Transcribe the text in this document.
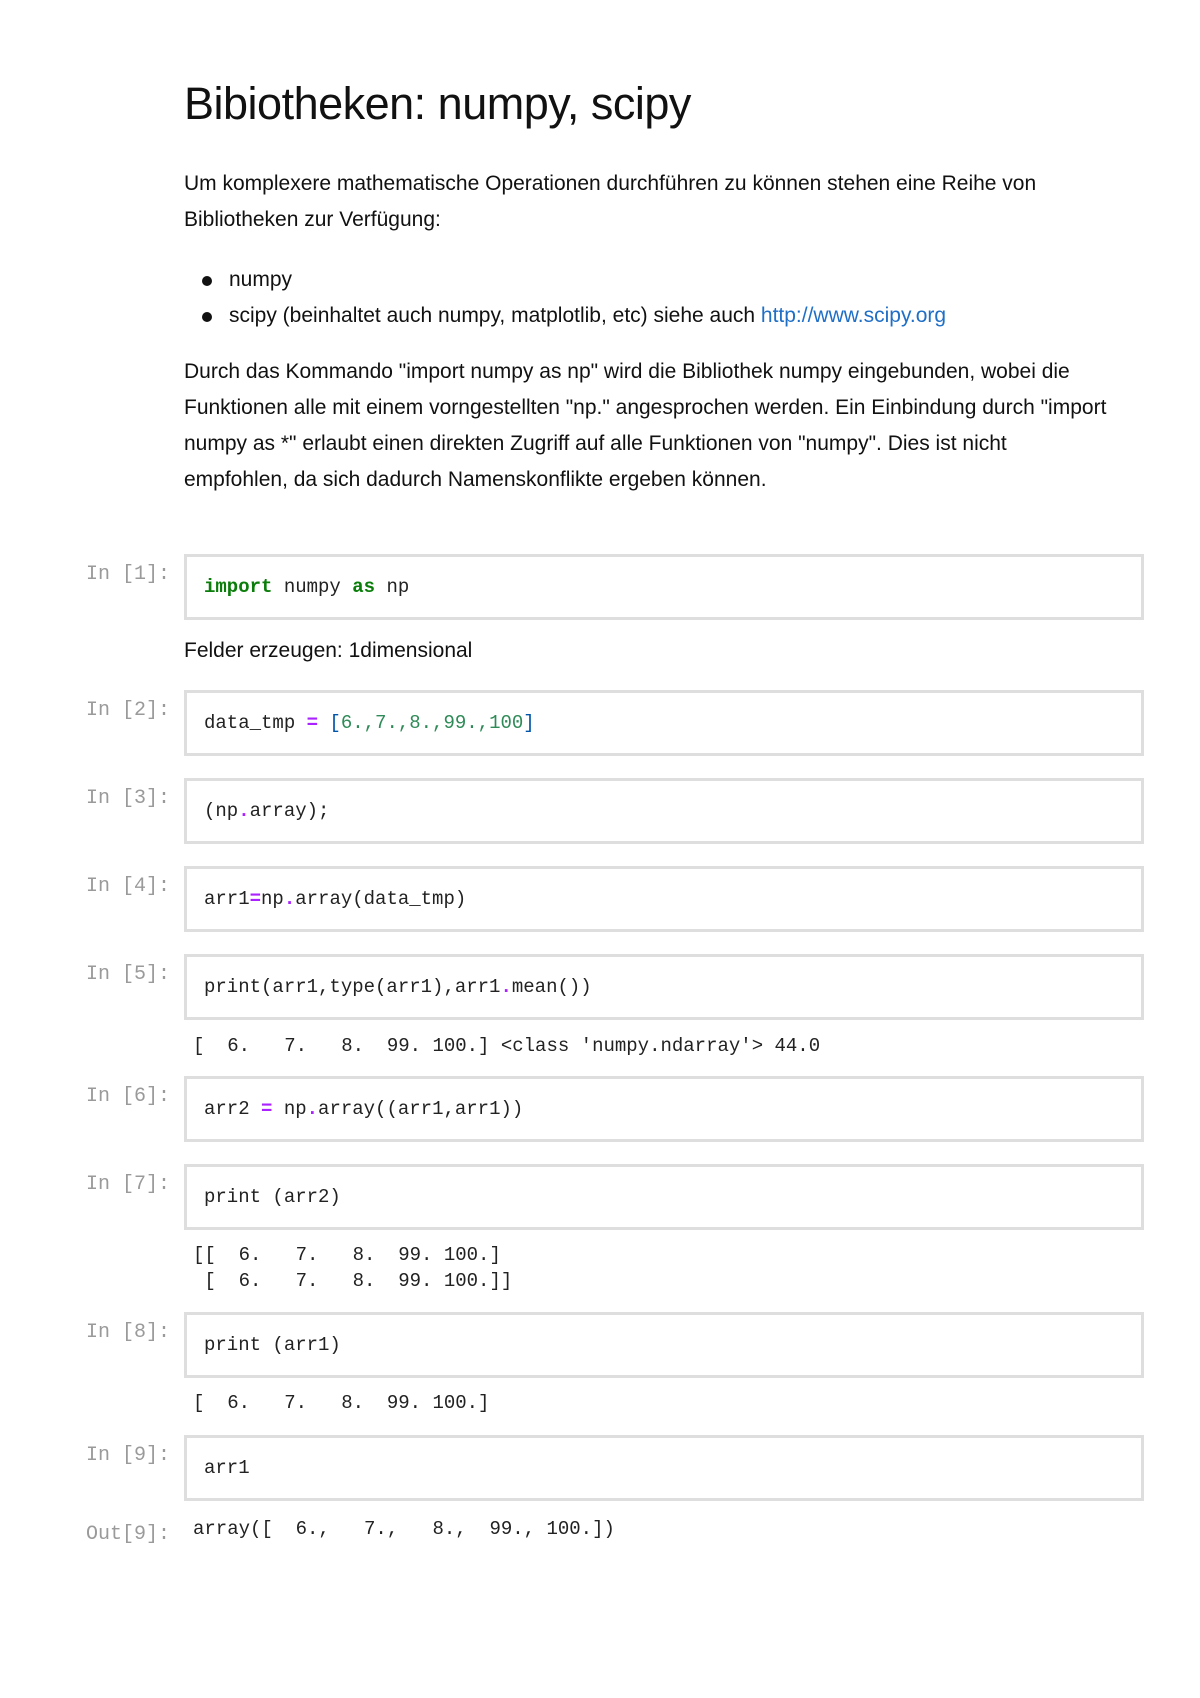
Bibiotheken: numpy, scipy

Um komplexere mathematische Operationen durchführen zu können stehen eine Reihe von Bibliotheken zur Verfügung:

numpy
scipy (beinhaltet auch numpy, matplotlib, etc) siehe auch http://www.scipy.org

Durch das Kommando "import numpy as np" wird die Bibliothek numpy eingebunden, wobei die Funktionen alle mit einem vorngestellten "np." angesprochen werden. Ein Einbindung durch "import numpy as *" erlaubt einen direkten Zugriff auf alle Funktionen von "numpy". Dies ist nicht empfohlen, da sich dadurch Namenskonflikte ergeben können.

In [1]:
import numpy as np

Felder erzeugen: 1dimensional

In [2]:
data_tmp = [ 6.,7.,8.,99.,100 ]
In [3]:
(np . array);
In [4]:
arr1 = np . array(data_tmp)
In [5]:
print(arr1,type(arr1),arr1 . mean())
[  6.   7.   8.  99. 100.] <class 'numpy.ndarray'> 44.0
In [6]:
arr2 = np . array((arr1,arr1))
In [7]:
print (arr2)
[[  6.   7.   8.  99. 100.]
[  6.   7.   8.  99. 100.]]
In [8]:
print (arr1)
[  6.   7.   8.  99. 100.]
In [9]:
arr1
Out[9]:	array([  6.,   7.,   8.,  99., 100.])
